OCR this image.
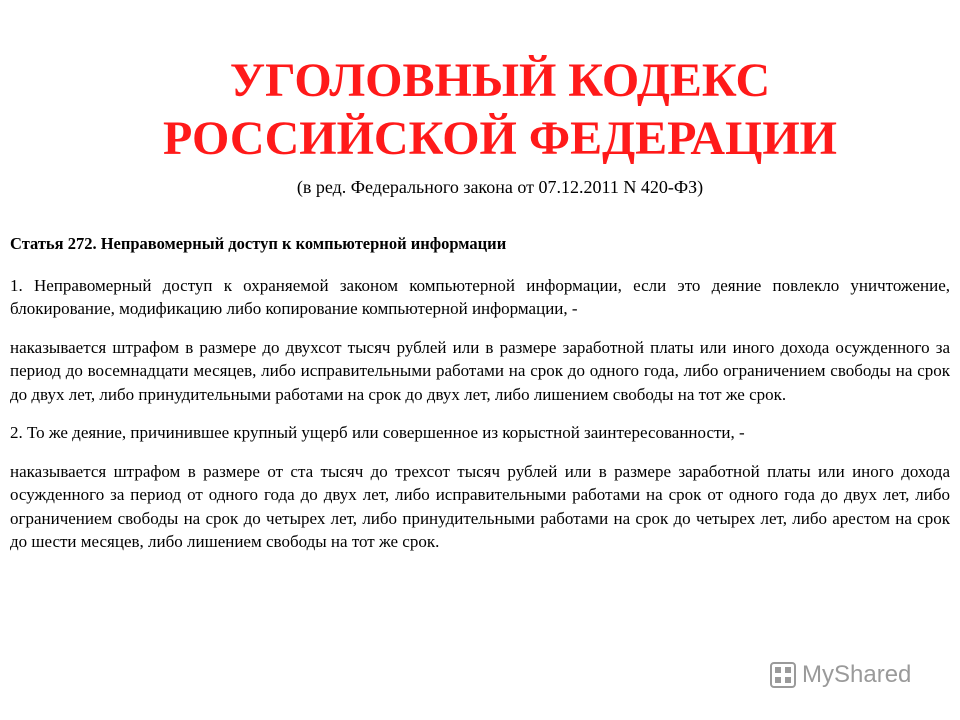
УГОЛОВНЫЙ КОДЕКС
РОССИЙСКОЙ ФЕДЕРАЦИИ

(в ред. Федерального закона от 07.12.2011 N 420-ФЗ)

Статья 272. Неправомерный доступ к компьютерной информации

1. Неправомерный доступ к охраняемой законом компьютерной информации, если это деяние повлекло уничтожение, блокирование, модификацию либо копирование компьютерной информации, -

наказывается штрафом в размере до двухсот тысяч рублей или в размере заработной платы или иного дохода осужденного за период до восемнадцати месяцев, либо исправительными работами на срок до одного года, либо ограничением свободы на срок до двух лет, либо принудительными работами на срок до двух лет, либо лишением свободы на тот же срок.

2. То же деяние, причинившее крупный ущерб или совершенное из корыстной заинтересованности, -

наказывается штрафом в размере от ста тысяч до трехсот тысяч рублей или в размере заработной платы или иного дохода осужденного за период от одного года до двух лет, либо исправительными работами на срок от одного года до двух лет, либо ограничением свободы на срок до четырех лет, либо принудительными работами на срок до четырех лет, либо арестом на срок до шести месяцев, либо лишением свободы на тот же срок.

MyShared
